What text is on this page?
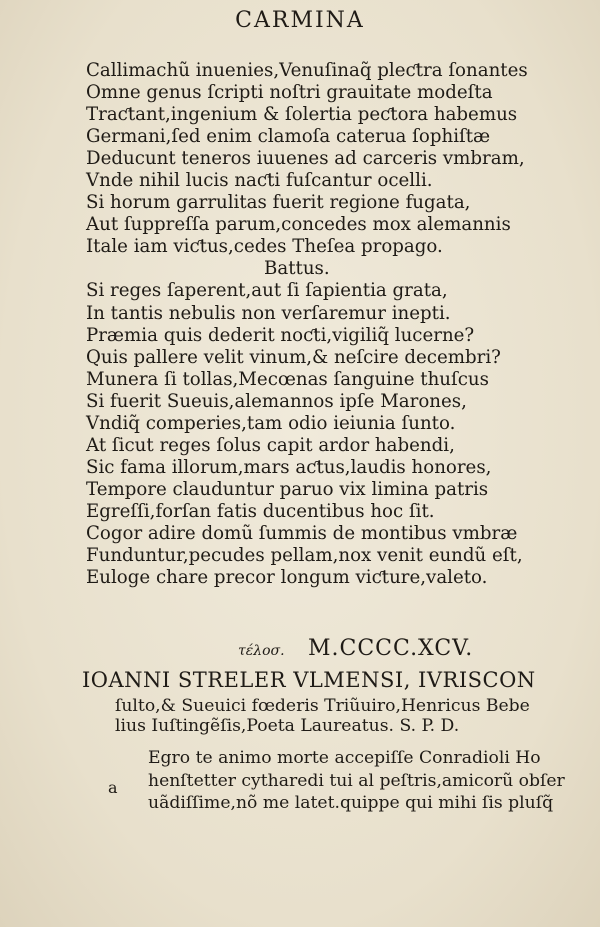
CARMINA
Callimachũ inuenies,Venuſinaq̃ pleƈtra ſonantes
Omne genus ſcripti noſtri grauitate modeſta
Traƈtant,ingenium & ſolertia peƈtora habemus
Germani,ſed enim clamoſa caterua ſophiſtæ
Deducunt teneros iuuenes ad carceris vmbram,
Vnde nihil lucis naƈti fuſcantur ocelli.
Si horum garrulitas fuerit regione fugata,
Aut ſuppreſſa parum,concedes mox alemannis
Itale iam viƈtus,cedes Theſea propago.
Battus.
Si reges ſaperent,aut ſi ſapientia grata,
In tantis nebulis non verſaremur inepti.
Præmia quis dederit noƈti,vigiliq̃ lucerne?
Quis pallere velit vinum,& neſcire decembri?
Munera ſi tollas,Mecœnas ſanguine thuſcus
Si fuerit Sueuis,alemannos ipſe Marones,
Vndiq̃ comperies,tam odio ieiunia ſunto.
At ſicut reges ſolus capit ardor habendi,
Sic fama illorum,mars aƈtus,laudis honores,
Tempore clauduntur paruo vix limina patris
Egreſſi,forſan fatis ducentibus hoc ſit.
Cogor adire domũ ſummis de montibus vmbræ
Funduntur,pecudes pellam,nox venit eundũ eſt,
Euloge chare precor longum viƈture,valeto.
τέλοσ. M.CCCC.XCV.
IOANNI STRELER VLMENSI, IVRISCON
ſulto,& Sueuici fœderis Triũuiro,Henricus Bebe
lius Iuſtingẽſis,Poeta Laureatus. S. P. D.
a
Egro te animo morte accepiſſe Conradioli Ho
henſtetter cytharedi tui al peſtris,amicorũ obſer
uãdiſſime,nõ me latet.quippe qui mihi ſis pluſq̃
